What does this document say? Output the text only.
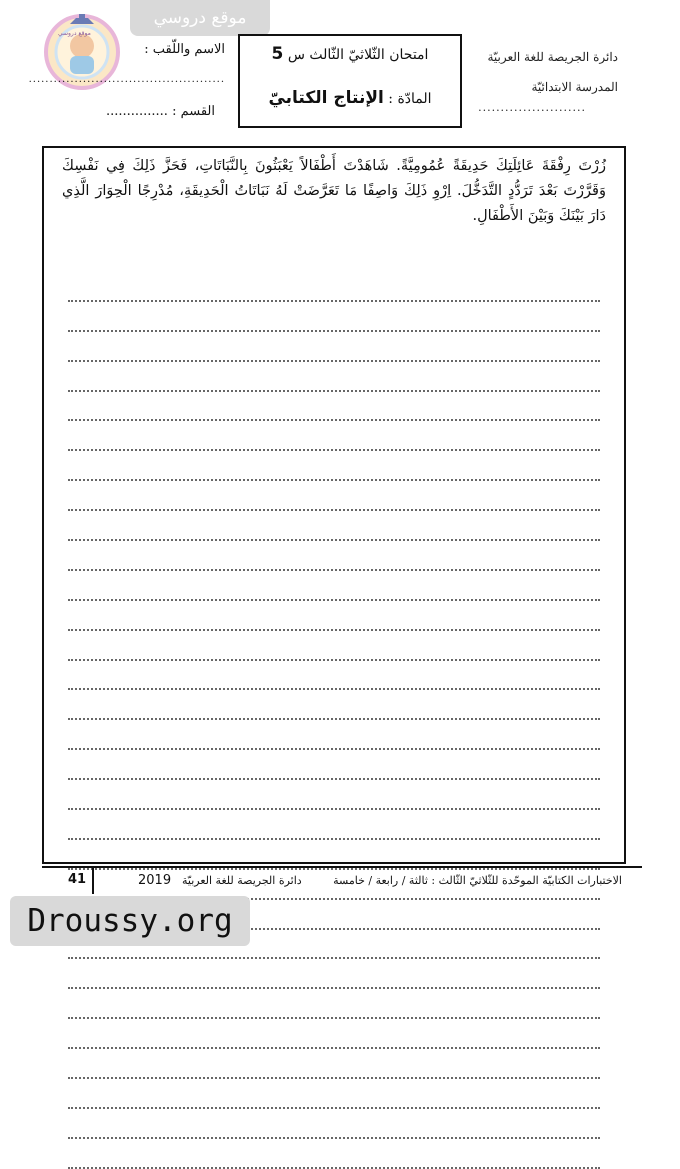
موقع دروسي
موقع دروسي
دائرة الجريصة للغة العربيّة
المدرسة الابتدائيّة
........................
امتحان الثّلاثيّ الثّالث س 5
المادّة : الإنتاج الكتابيّ
الاسم واللّقب :
...............................................
القسم : ...............
زُرْتَ رِفْقَةَ عَائِلَتِكَ حَدِيقَةً عُمُومِيَّةً. شَاهَدْتَ أَطْفَالاً يَعْبَثُونَ بِالنَّبَاتَاتِ، فَحَزَّ ذَلِكَ فِي نَفْسِكَ وَقَرَّرْتَ بَعْدَ تَرَدُّدٍ التَّدَخُّلَ. اِرْوِ ذَلِكَ وَاصِفًا مَا تَعَرَّضَتْ لَهُ نَبَاتَاتُ الْحَدِيقَةِ، مُدْرِجًا الْحِوَارَ الَّذِي دَارَ بَيْنَكَ وَبَيْنَ الأَطْفَالِ.
41	2019 دائرة الجريصة للغة العربيّة	الاختبارات الكتابيّة الموحّدة للثّلاثيّ الثّالث : ثالثة / رابعة / خامسة
Droussy.org
